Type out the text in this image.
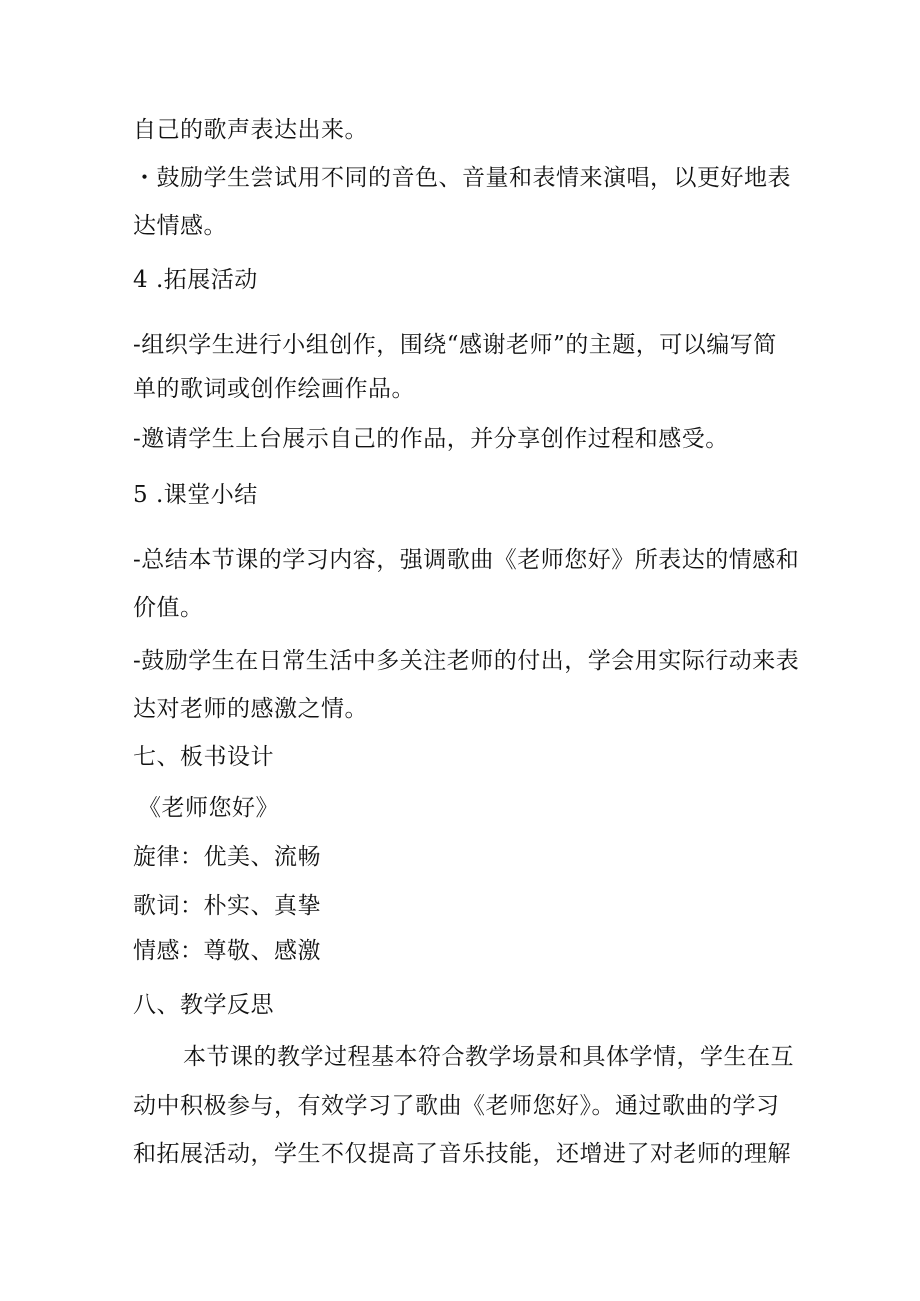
自己的歌声表达出来。
・鼓励学生尝试用不同的音色、音量和表情来演唱，以更好地表
达情感。
4 .拓展活动
-组织学生进行小组创作，围绕“感谢老师”的主题，可以编写简
单的歌词或创作绘画作品。
-邀请学生上台展示自己的作品，并分享创作过程和感受。
5 .课堂小结
-总结本节课的学习内容，强调歌曲《老师您好》所表达的情感和
价值。
-鼓励学生在日常生活中多关注老师的付出，学会用实际行动来表
达对老师的感激之情。
七、板书设计
《老师您好》
旋律：优美、流畅
歌词：朴实、真挚
情感：尊敬、感激
八、教学反思
本节课的教学过程基本符合教学场景和具体学情，学生在互
动中积极参与，有效学习了歌曲《老师您好》。通过歌曲的学习
和拓展活动，学生不仅提高了音乐技能，还增进了对老师的理解
